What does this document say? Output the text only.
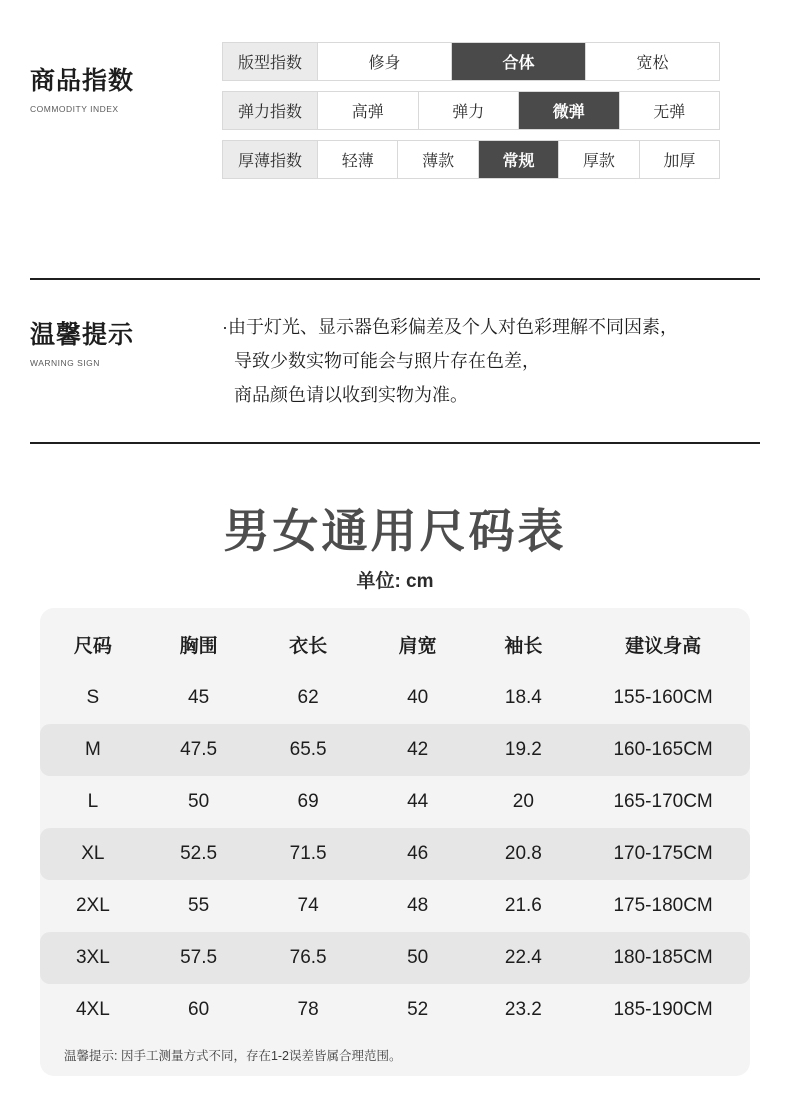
商品指数
COMMODITY INDEX
版型指数	修身	合体	宽松
弹力指数	高弹	弹力	微弹	无弹
厚薄指数	轻薄	薄款	常规	厚款	加厚
温馨提示
WARNING SIGN
·由于灯光、显示器色彩偏差及个人对色彩理解不同因素，
导致少数实物可能会与照片存在色差，
商品颜色请以收到实物为准。
男女通用尺码表
单位: cm
尺码	胸围	衣长	肩宽	袖长	建议身高
S	45	62	40	18.4	155-160CM
M	47.5	65.5	42	19.2	160-165CM
L	50	69	44	20	165-170CM
XL	52.5	71.5	46	20.8	170-175CM
2XL	55	74	48	21.6	175-180CM
3XL	57.5	76.5	50	22.4	180-185CM
4XL	60	78	52	23.2	185-190CM
温馨提示: 因手工测量方式不同，存在1-2误差皆属合理范围。
